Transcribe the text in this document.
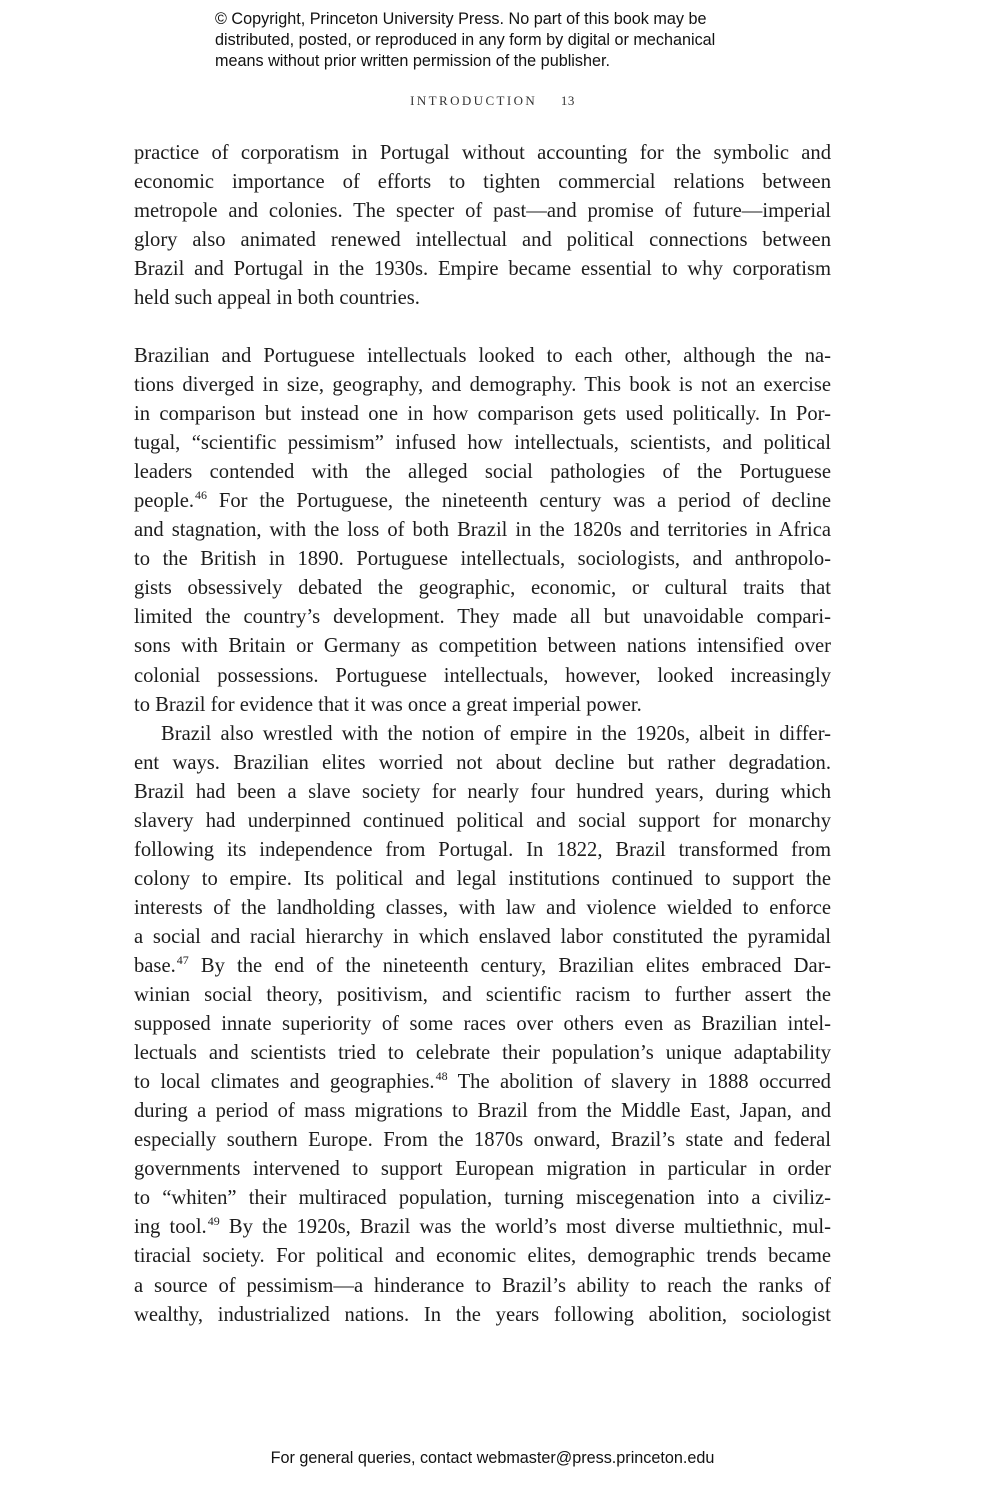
© Copyright, Princeton University Press. No part of this book may be
distributed, posted, or reproduced in any form by digital or mechanical
means without prior written permission of the publisher.
INTRODUCTION 13
practice of corporatism in Portugal without accounting for the symbolic and
economic importance of efforts to tighten commercial relations between
metropole and colonies. The specter of past—and promise of future—imperial
glory also animated renewed intellectual and political connections between
Brazil and Portugal in the 1930s. Empire became essential to why corporatism
held such appeal in both countries.
Brazilian and Portuguese intellectuals looked to each other, although the na-
tions diverged in size, geography, and demography. This book is not an exercise
in comparison but instead one in how comparison gets used politically. In Por-
tugal, “scientific pessimism” infused how intellectuals, scientists, and political
leaders contended with the alleged social pathologies of the Portuguese
people.$^{46}$ For the Portuguese, the nineteenth century was a period of decline
and stagnation, with the loss of both Brazil in the 1820s and territories in Africa
to the British in 1890. Portuguese intellectuals, sociologists, and anthropolo-
gists obsessively debated the geographic, economic, or cultural traits that
limited the country’s development. They made all but unavoidable compari-
sons with Britain or Germany as competition between nations intensified over
colonial possessions. Portuguese intellectuals, however, looked increasingly
to Brazil for evidence that it was once a great imperial power.
Brazil also wrestled with the notion of empire in the 1920s, albeit in differ-
ent ways. Brazilian elites worried not about decline but rather degradation.
Brazil had been a slave society for nearly four hundred years, during which
slavery had underpinned continued political and social support for monarchy
following its independence from Portugal. In 1822, Brazil transformed from
colony to empire. Its political and legal institutions continued to support the
interests of the landholding classes, with law and violence wielded to enforce
a social and racial hierarchy in which enslaved labor constituted the pyramidal
base.$^{47}$ By the end of the nineteenth century, Brazilian elites embraced Dar-
winian social theory, positivism, and scientific racism to further assert the
supposed innate superiority of some races over others even as Brazilian intel-
lectuals and scientists tried to celebrate their population’s unique adaptability
to local climates and geographies.$^{48}$ The abolition of slavery in 1888 occurred
during a period of mass migrations to Brazil from the Middle East, Japan, and
especially southern Europe. From the 1870s onward, Brazil’s state and federal
governments intervened to support European migration in particular in order
to “whiten” their multiraced population, turning miscegenation into a civiliz-
ing tool.$^{49}$ By the 1920s, Brazil was the world’s most diverse multiethnic, mul-
tiracial society. For political and economic elites, demographic trends became
a source of pessimism—a hinderance to Brazil’s ability to reach the ranks of
wealthy, industrialized nations. In the years following abolition, sociologist
For general queries, contact webmaster@press.princeton.edu
